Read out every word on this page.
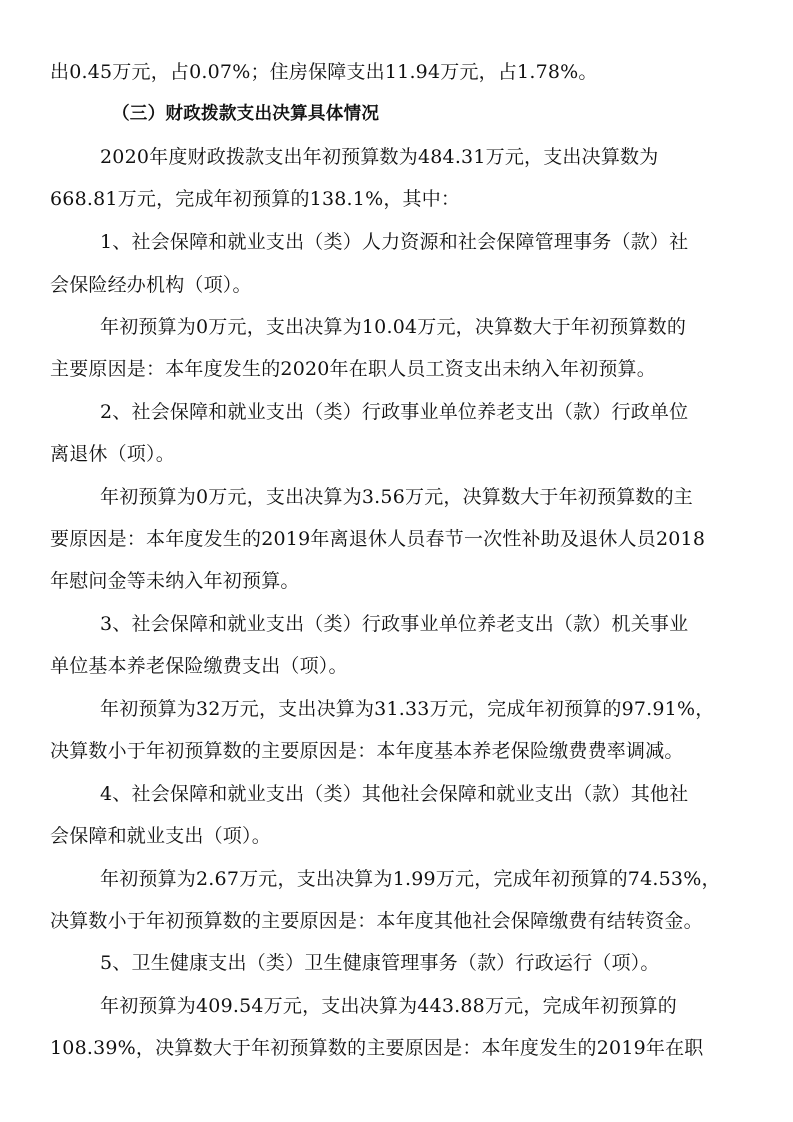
出0.45万元，占0.07%；住房保障支出11.94万元，占1.78%。
（三）财政拨款支出决算具体情况
2020年度财政拨款支出年初预算数为484.31万元，支出决算数为
668.81万元，完成年初预算的138.1%，其中：
1、社会保障和就业支出（类）人力资源和社会保障管理事务（款）社
会保险经办机构（项）。
年初预算为0万元，支出决算为10.04万元，决算数大于年初预算数的
主要原因是：本年度发生的2020年在职人员工资支出未纳入年初预算。
2、社会保障和就业支出（类）行政事业单位养老支出（款）行政单位
离退休（项）。
年初预算为0万元，支出决算为3.56万元，决算数大于年初预算数的主
要原因是：本年度发生的2019年离退休人员春节一次性补助及退休人员2018
年慰问金等未纳入年初预算。
3、社会保障和就业支出（类）行政事业单位养老支出（款）机关事业
单位基本养老保险缴费支出（项）。
年初预算为32万元，支出决算为31.33万元，完成年初预算的97.91%，
决算数小于年初预算数的主要原因是：本年度基本养老保险缴费费率调减。
4、社会保障和就业支出（类）其他社会保障和就业支出（款）其他社
会保障和就业支出（项）。
年初预算为2.67万元，支出决算为1.99万元，完成年初预算的74.53%，
决算数小于年初预算数的主要原因是：本年度其他社会保障缴费有结转资金。
5、卫生健康支出（类）卫生健康管理事务（款）行政运行（项）。
年初预算为409.54万元，支出决算为443.88万元，完成年初预算的
108.39%，决算数大于年初预算数的主要原因是：本年度发生的2019年在职
